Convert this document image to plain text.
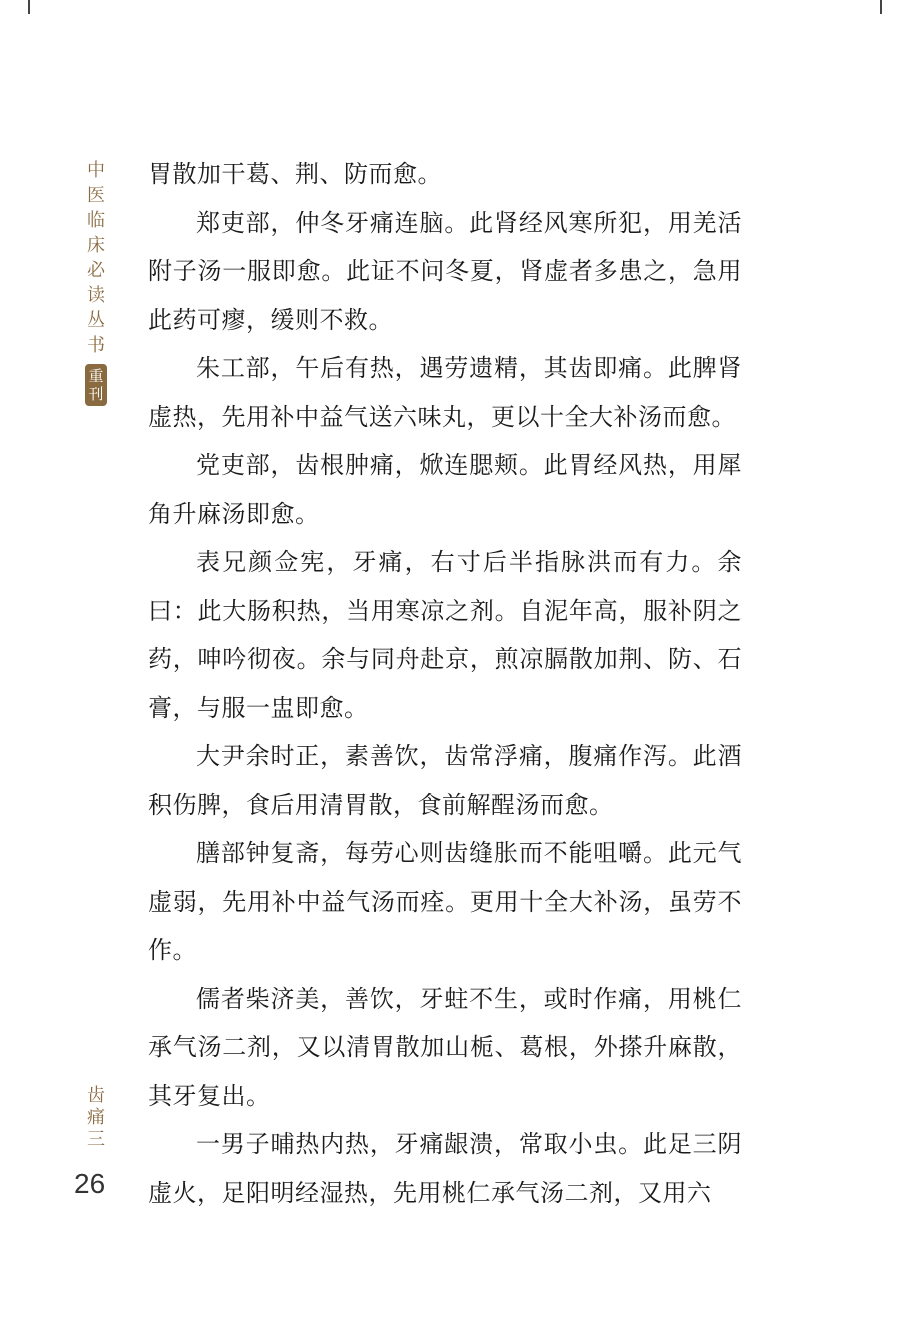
中
医
临
床
必
读
丛
书
重
刊
齿
痛
三
26

胃散加干葛、荆、防而愈。

郑吏部，仲冬牙痛连脑。此肾经风寒所犯，用羌活附子汤一服即愈。此证不问冬夏，肾虚者多患之，急用此药可瘳，缓则不救。

朱工部，午后有热，遇劳遗精，其齿即痛。此脾肾虚热，先用补中益气送六味丸，更以十全大补汤而愈。

党吏部，齿根肿痛，焮连腮颊。此胃经风热，用犀角升麻汤即愈。

表兄颜佥宪，牙痛，右寸后半指脉洪而有力。余曰：此大肠积热，当用寒凉之剂。自泥年高，服补阴之药，呻吟彻夜。余与同舟赴京，煎凉膈散加荆、防、石膏，与服一盅即愈。

大尹余时正，素善饮，齿常浮痛，腹痛作泻。此酒积伤脾，食后用清胃散，食前解酲汤而愈。

膳部钟复斋，每劳心则齿缝胀而不能咀嚼。此元气虚弱，先用补中益气汤而痊。更用十全大补汤，虽劳不作。

儒者柴济美，善饮，牙蛀不生，或时作痛，用桃仁承气汤二剂，又以清胃散加山栀、葛根，外搽升麻散，其牙复出。

一男子晡热内热，牙痛龈溃，常取小虫。此足三阴虚火，足阳明经湿热，先用桃仁承气汤二剂，又用六
